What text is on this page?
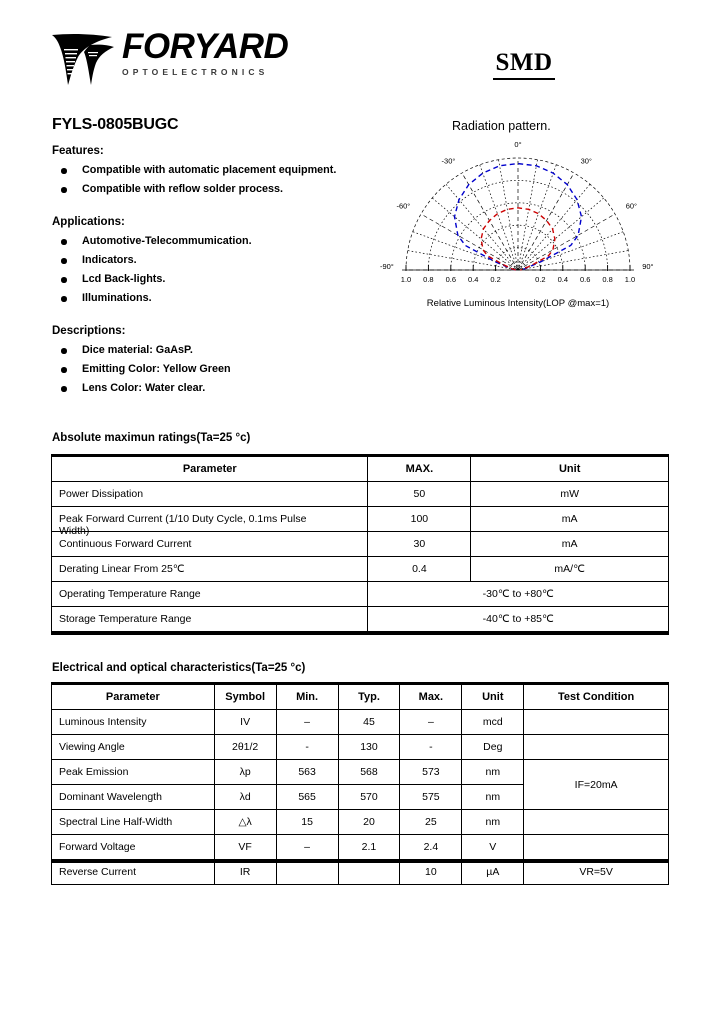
FORYARD
OPTOELECTRONICS	SMD
FYLS-0805BUGC	Radiation pattern.
Features:
Compatible with automatic placement equipment.
Compatible with reflow solder process.
Applications:
Automotive-Telecommumication.
Indicators.
Lcd Back-lights.
Illuminations.
Descriptions:
Dice material: GaAsP.
Emitting Color: Yellow Green
Lens Color: Water clear.
1.0 0.8 0.6 0.4 0.2	0.2 0.4 0.6 0.8 1.0
-90°
-60°
-30°
0°
30°
60°
90°
Relative Luminous Intensity(LOP @max=1)
Absolute maximun ratings(Ta=25 °c)
Parameter	MAX.	Unit
Power Dissipation	50	mW
Peak Forward Current (1/10 Duty Cycle, 0.1ms Pulse
Width)	100	mA
Continuous Forward Current	30	mA
Derating Linear From 25℃	0.4	mA/℃
Operating Temperature Range	-30℃ to +80℃	
Storage Temperature Range	-40℃ to +85℃	
Electrical and optical characteristics(Ta=25 °c)
Parameter	Symbol	Min.	Typ.	Max.	Unit	Test Condition
Luminous Intensity	IV	–	45	–	mcd	
Viewing Angle	2θ1/2	-	130	-	Deg	
Peak Emission	λp	563	568	573	nm	IF=20mA
Dominant Wavelength	λd	565	570	575	nm	
Spectral Line Half-Width	△λ	15	20	25	nm	
Forward Voltage	VF	–	2.1	2.4	V	
Reverse Current	IR			10	µA	VR=5V
